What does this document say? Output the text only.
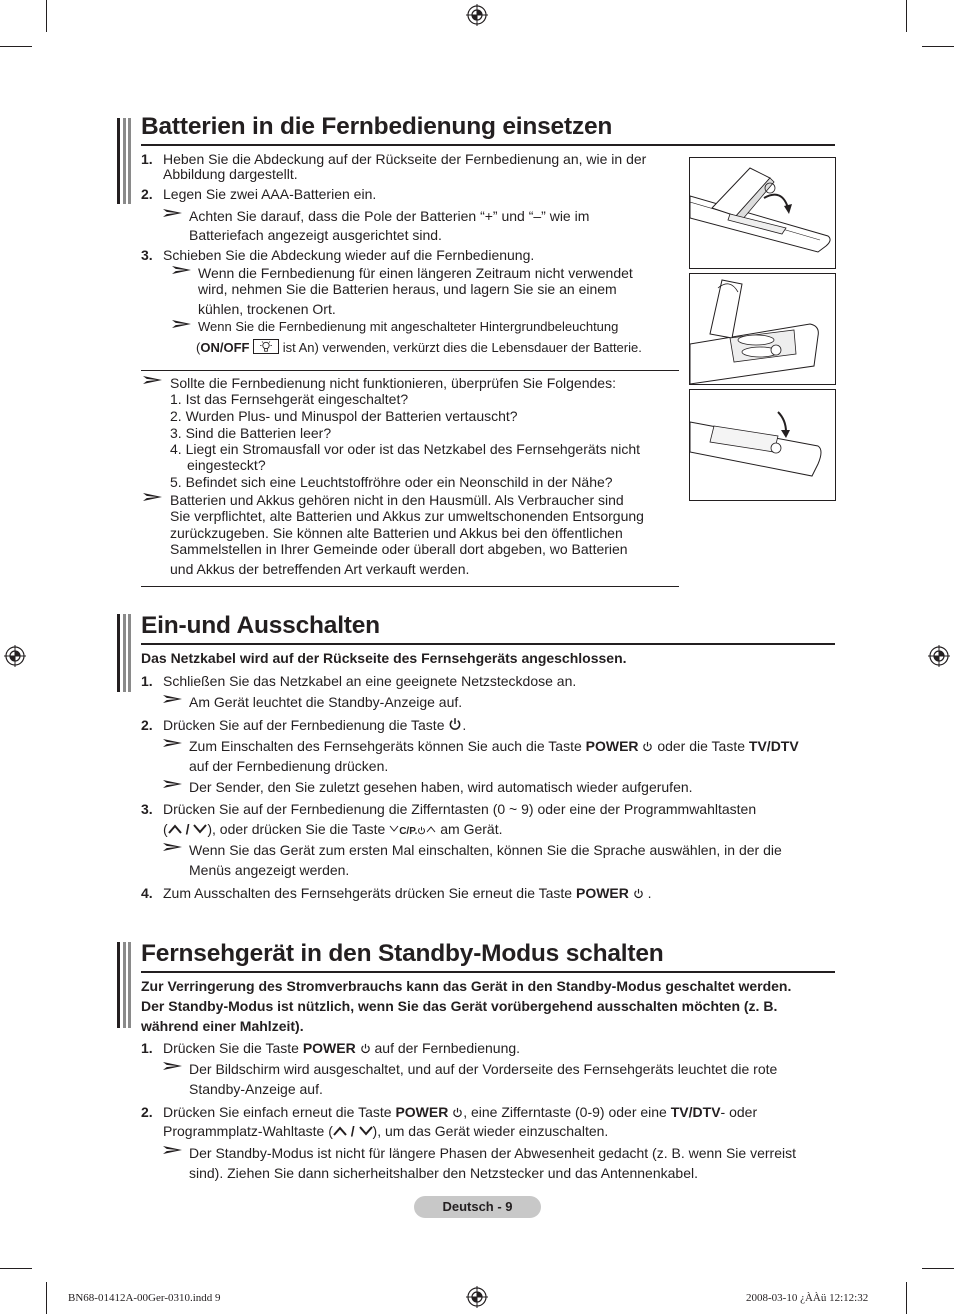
Batterien in die Fernbedienung einsetzen
1. Heben Sie die Abdeckung auf der Rückseite der Fernbedienung an, wie in der
Abbildung dargestellt.
2. Legen Sie zwei AAA-Batterien ein.
Achten Sie darauf, dass die Pole der Batterien “+” und “–” wie im
Batteriefach angezeigt ausgerichtet sind.
3. Schieben Sie die Abdeckung wieder auf die Fernbedienung.
Wenn die Fernbedienung für einen längeren Zeitraum nicht verwendet
wird, nehmen Sie die Batterien heraus, und lagern Sie sie an einem
kühlen, trockenen Ort.
Wenn Sie die Fernbedienung mit angeschalteter Hintergrundbeleuchtung
(ON/OFF	ist An) verwenden, verkürzt dies die Lebensdauer der Batterie.
Sollte die Fernbedienung nicht funktionieren, überprüfen Sie Folgendes:
1. Ist das Fernsehgerät eingeschaltet?
2. Wurden Plus- und Minuspol der Batterien vertauscht?
3. Sind die Batterien leer?
4. Liegt ein Stromausfall vor oder ist das Netzkabel des Fernsehgeräts nicht
eingesteckt?
5. Befindet sich eine Leuchtstoffröhre oder ein Neonschild in der Nähe?
Batterien und Akkus gehören nicht in den Hausmüll. Als Verbraucher sind
Sie verpflichtet, alte Batterien und Akkus zur umweltschonenden Entsorgung
zurückzugeben. Sie können alte Batterien und Akkus bei den öffentlichen
Sammelstellen in Ihrer Gemeinde oder überall dort abgeben, wo Batterien
und Akkus der betreffenden Art verkauft werden.
Ein-und Ausschalten
Das Netzkabel wird auf der Rückseite des Fernsehgeräts angeschlossen.
1. Schließen Sie das Netzkabel an eine geeignete Netzsteckdose an.
Am Gerät leuchtet die Standby-Anzeige auf.
2. Drücken Sie auf der Fernbedienung die Taste .
Zum Einschalten des Fernsehgeräts können Sie auch die Taste POWER oder die Taste TV/DTV
auf der Fernbedienung drücken.
Der Sender, den Sie zuletzt gesehen haben, wird automatisch wieder aufgerufen.
3. Drücken Sie auf der Fernbedienung die Zifferntasten (0 ~ 9) oder eine der Programmwahltasten
( / ), oder drücken Sie die Taste C/P. am Gerät.
Wenn Sie das Gerät zum ersten Mal einschalten, können Sie die Sprache auswählen, in der die
Menüs angezeigt werden.
4. Zum Ausschalten des Fernsehgeräts drücken Sie erneut die Taste POWER .
Fernsehgerät in den Standby-Modus schalten
Zur Verringerung des Stromverbrauchs kann das Gerät in den Standby-Modus geschaltet werden.
Der Standby-Modus ist nützlich, wenn Sie das Gerät vorübergehend ausschalten möchten (z. B.
während einer Mahlzeit).
1. Drücken Sie die Taste POWER auf der Fernbedienung.
Der Bildschirm wird ausgeschaltet, und auf der Vorderseite des Fernsehgeräts leuchtet die rote
Standby-Anzeige auf.
2. Drücken Sie einfach erneut die Taste POWER , eine Zifferntaste (0-9) oder eine TV/DTV- oder
Programmplatz-Wahltaste ( / ), um das Gerät wieder einzuschalten.
Der Standby-Modus ist nicht für längere Phasen der Abwesenheit gedacht (z. B. wenn Sie verreist
sind). Ziehen Sie dann sicherheitshalber den Netzstecker und das Antennenkabel.
Deutsch - 9
BN68-01412A-00Ger-0310.indd 9	2008-03-10 ¿ÀÀü 12:12:32
